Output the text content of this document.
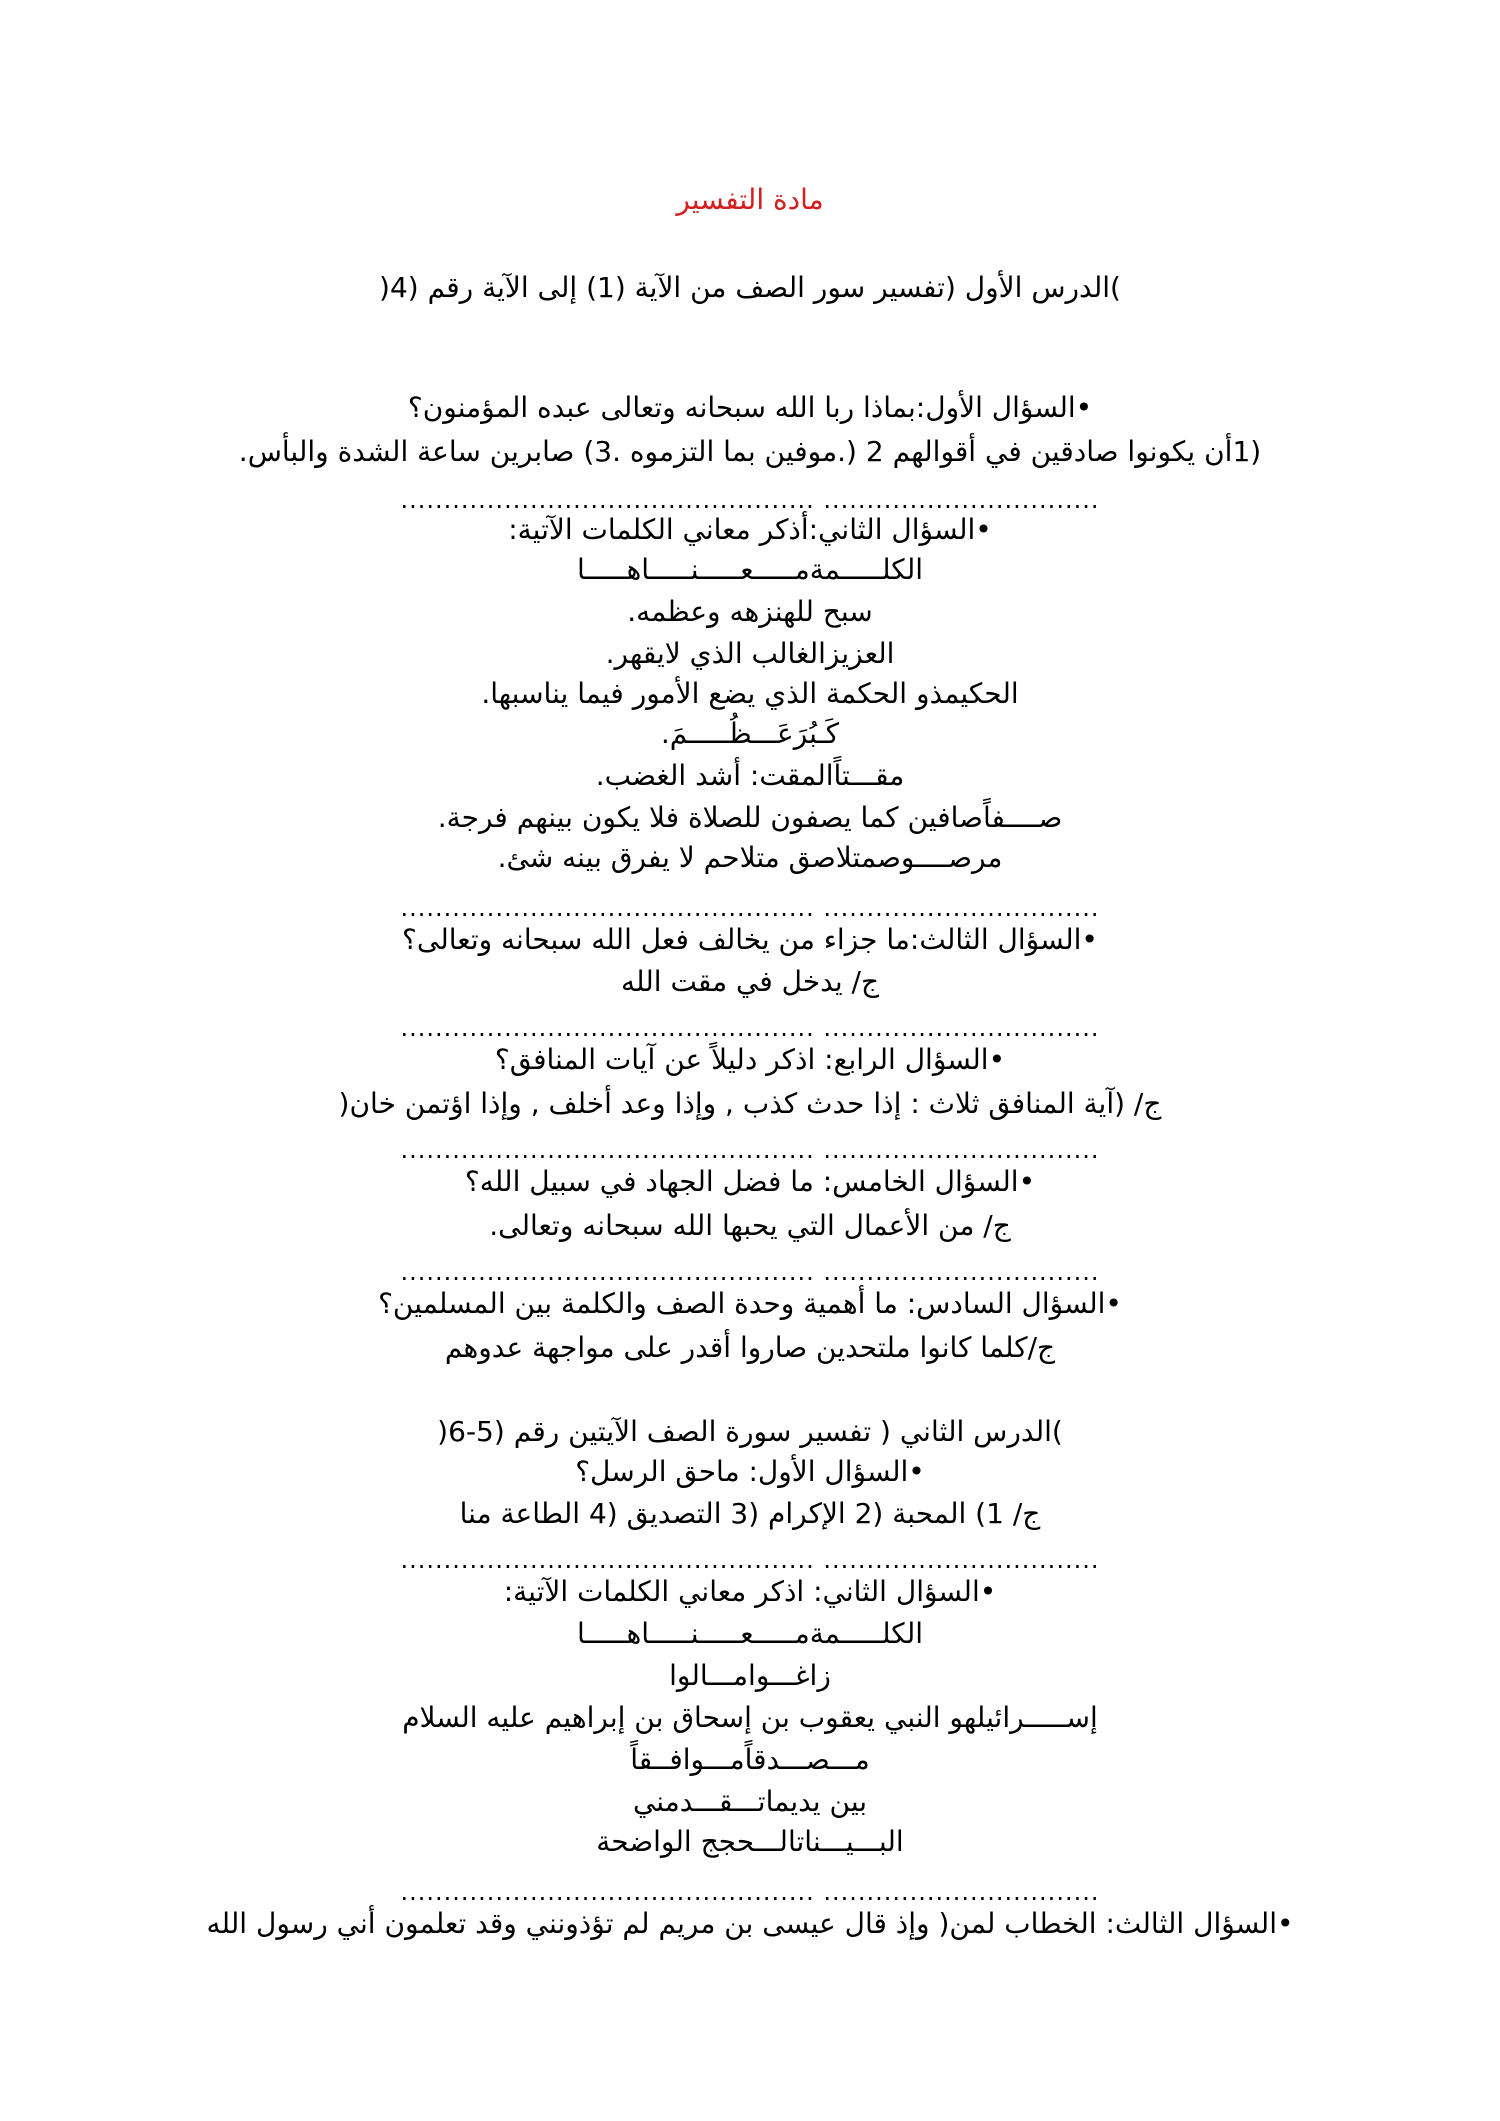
مادة التفسير
)الدرس الأول (تفسير سور الصف من الآية (1) إلى الآية رقم (4(
•السؤال الأول:بماذا ربا الله سبحانه وتعالى عبده المؤمنون؟
(1أن يكونوا صادقين في أقوالهم 2 (.موفين بما التزموه .3) صابرين ساعة الشدة والبأس.
................................................ ................................
•السؤال الثاني:أذكر معاني الكلمات الآتية:
الكلـــــمةمـــــعـــــنـــــاهـــــا
سبح للهنزهه وعظمه.
العزيزالغالب الذي لايقهر.
الحكيمذو الحكمة الذي يضع الأمور فيما يناسبها.
كَـبُرَعَـــظُـــــمَ.
مقـــتاًالمقت: أشد الغضب.
صــــفاًصافين كما يصفون للصلاة فلا يكون بينهم فرجة.
مرصــــوصمتلاصق متلاحم لا يفرق بينه شئ.
................................................ ................................
•السؤال الثالث:ما جزاء من يخالف فعل الله سبحانه وتعالى؟
ج/ يدخل في مقت الله
................................................ ................................
•السؤال الرابع: اذكر دليلاً عن آيات المنافق؟
ج/ (آية المنافق ثلاث : إذا حدث كذب , وإذا وعد أخلف , وإذا اؤتمن خان(
................................................ ................................
•السؤال الخامس: ما فضل الجهاد في سبيل الله؟
ج/ من الأعمال التي يحبها الله سبحانه وتعالى.
................................................ ................................
•السؤال السادس: ما أهمية وحدة الصف والكلمة بين المسلمين؟
ج/كلما كانوا ملتحدين صاروا أقدر على مواجهة عدوهم
)الدرس الثاني ( تفسير سورة الصف الآيتين رقم (5-6(
•السؤال الأول: ماحق الرسل؟
ج/ 1) المحبة (2 الإكرام (3 التصديق (4 الطاعة منا
................................................ ................................
•السؤال الثاني: اذكر معاني الكلمات الآتية:
الكلـــــمةمـــــعـــــنـــــاهـــــا
زاغـــوامـــالوا
إســـــرائيلهو النبي يعقوب بن إسحاق بن إبراهيم عليه السلام
مـــصـــدقاًمـــوافــقاً
بين يديماتـــقـــدمني
البـــيـــناتالـــحجج الواضحة
................................................ ................................
•السؤال الثالث: الخطاب لمن( وإذ قال عيسى بن مريم لم تؤذونني وقد تعلمون أني رسول الله
